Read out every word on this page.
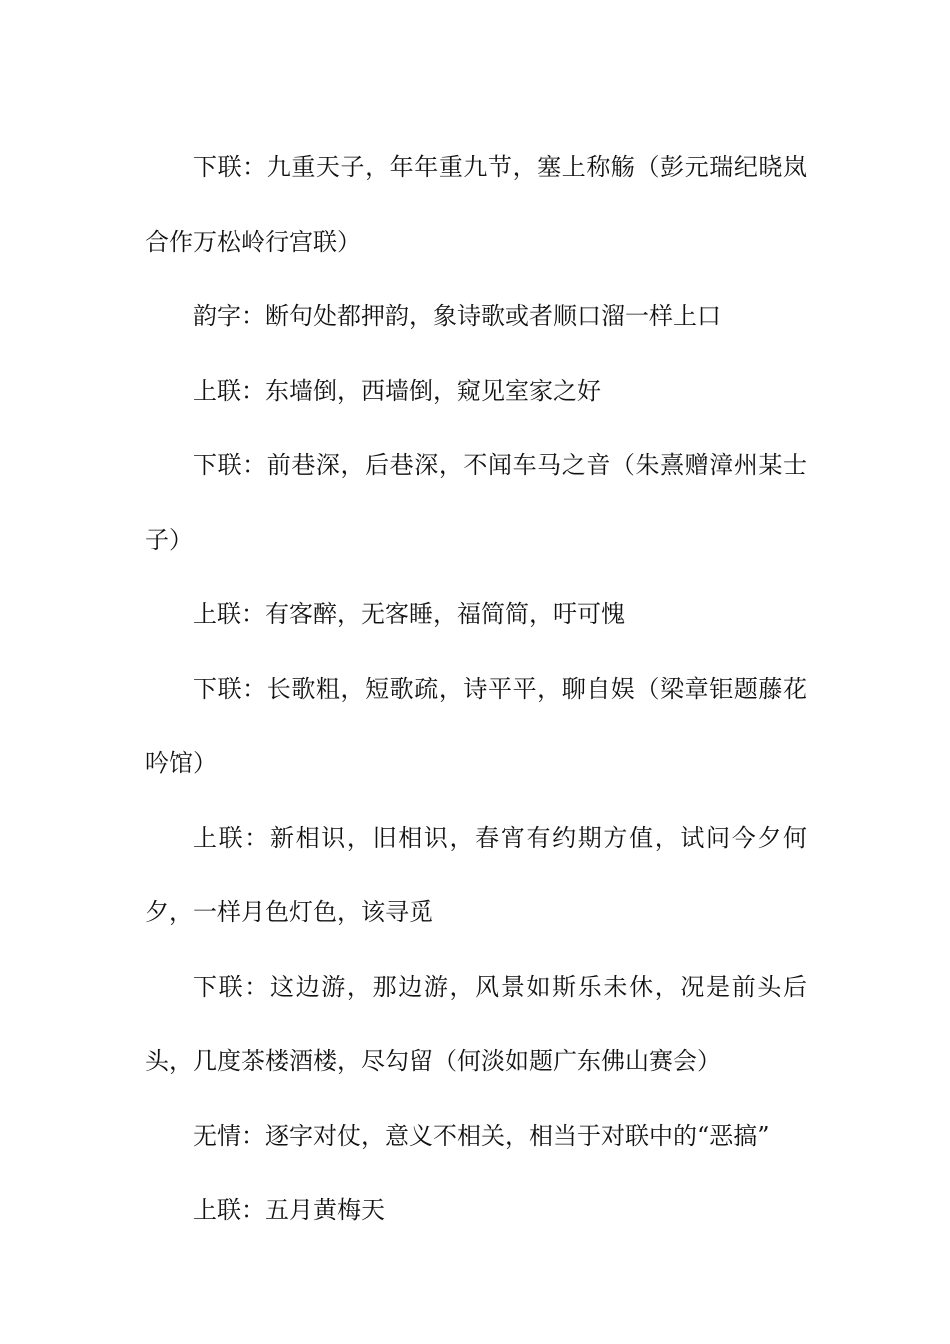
下联：九重天子，年年重九节，塞上称觞（彭元瑞纪晓岚合作万松岭行宫联）

韵字：断句处都押韵，象诗歌或者顺口溜一样上口

上联：东墙倒，西墙倒，窥见室家之好

下联：前巷深，后巷深，不闻车马之音（朱熹赠漳州某士子）

上联：有客醉，无客睡，福简简，吁可愧

下联：长歌粗，短歌疏，诗平平，聊自娱（梁章钜题藤花吟馆）

上联：新相识，旧相识，春宵有约期方值，试问今夕何夕，一样月色灯色，该寻觅

下联：这边游，那边游，风景如斯乐未休，况是前头后头，几度茶楼酒楼，尽勾留（何淡如题广东佛山赛会）

无情：逐字对仗，意义不相关，相当于对联中的“恶搞”

上联：五月黄梅天
